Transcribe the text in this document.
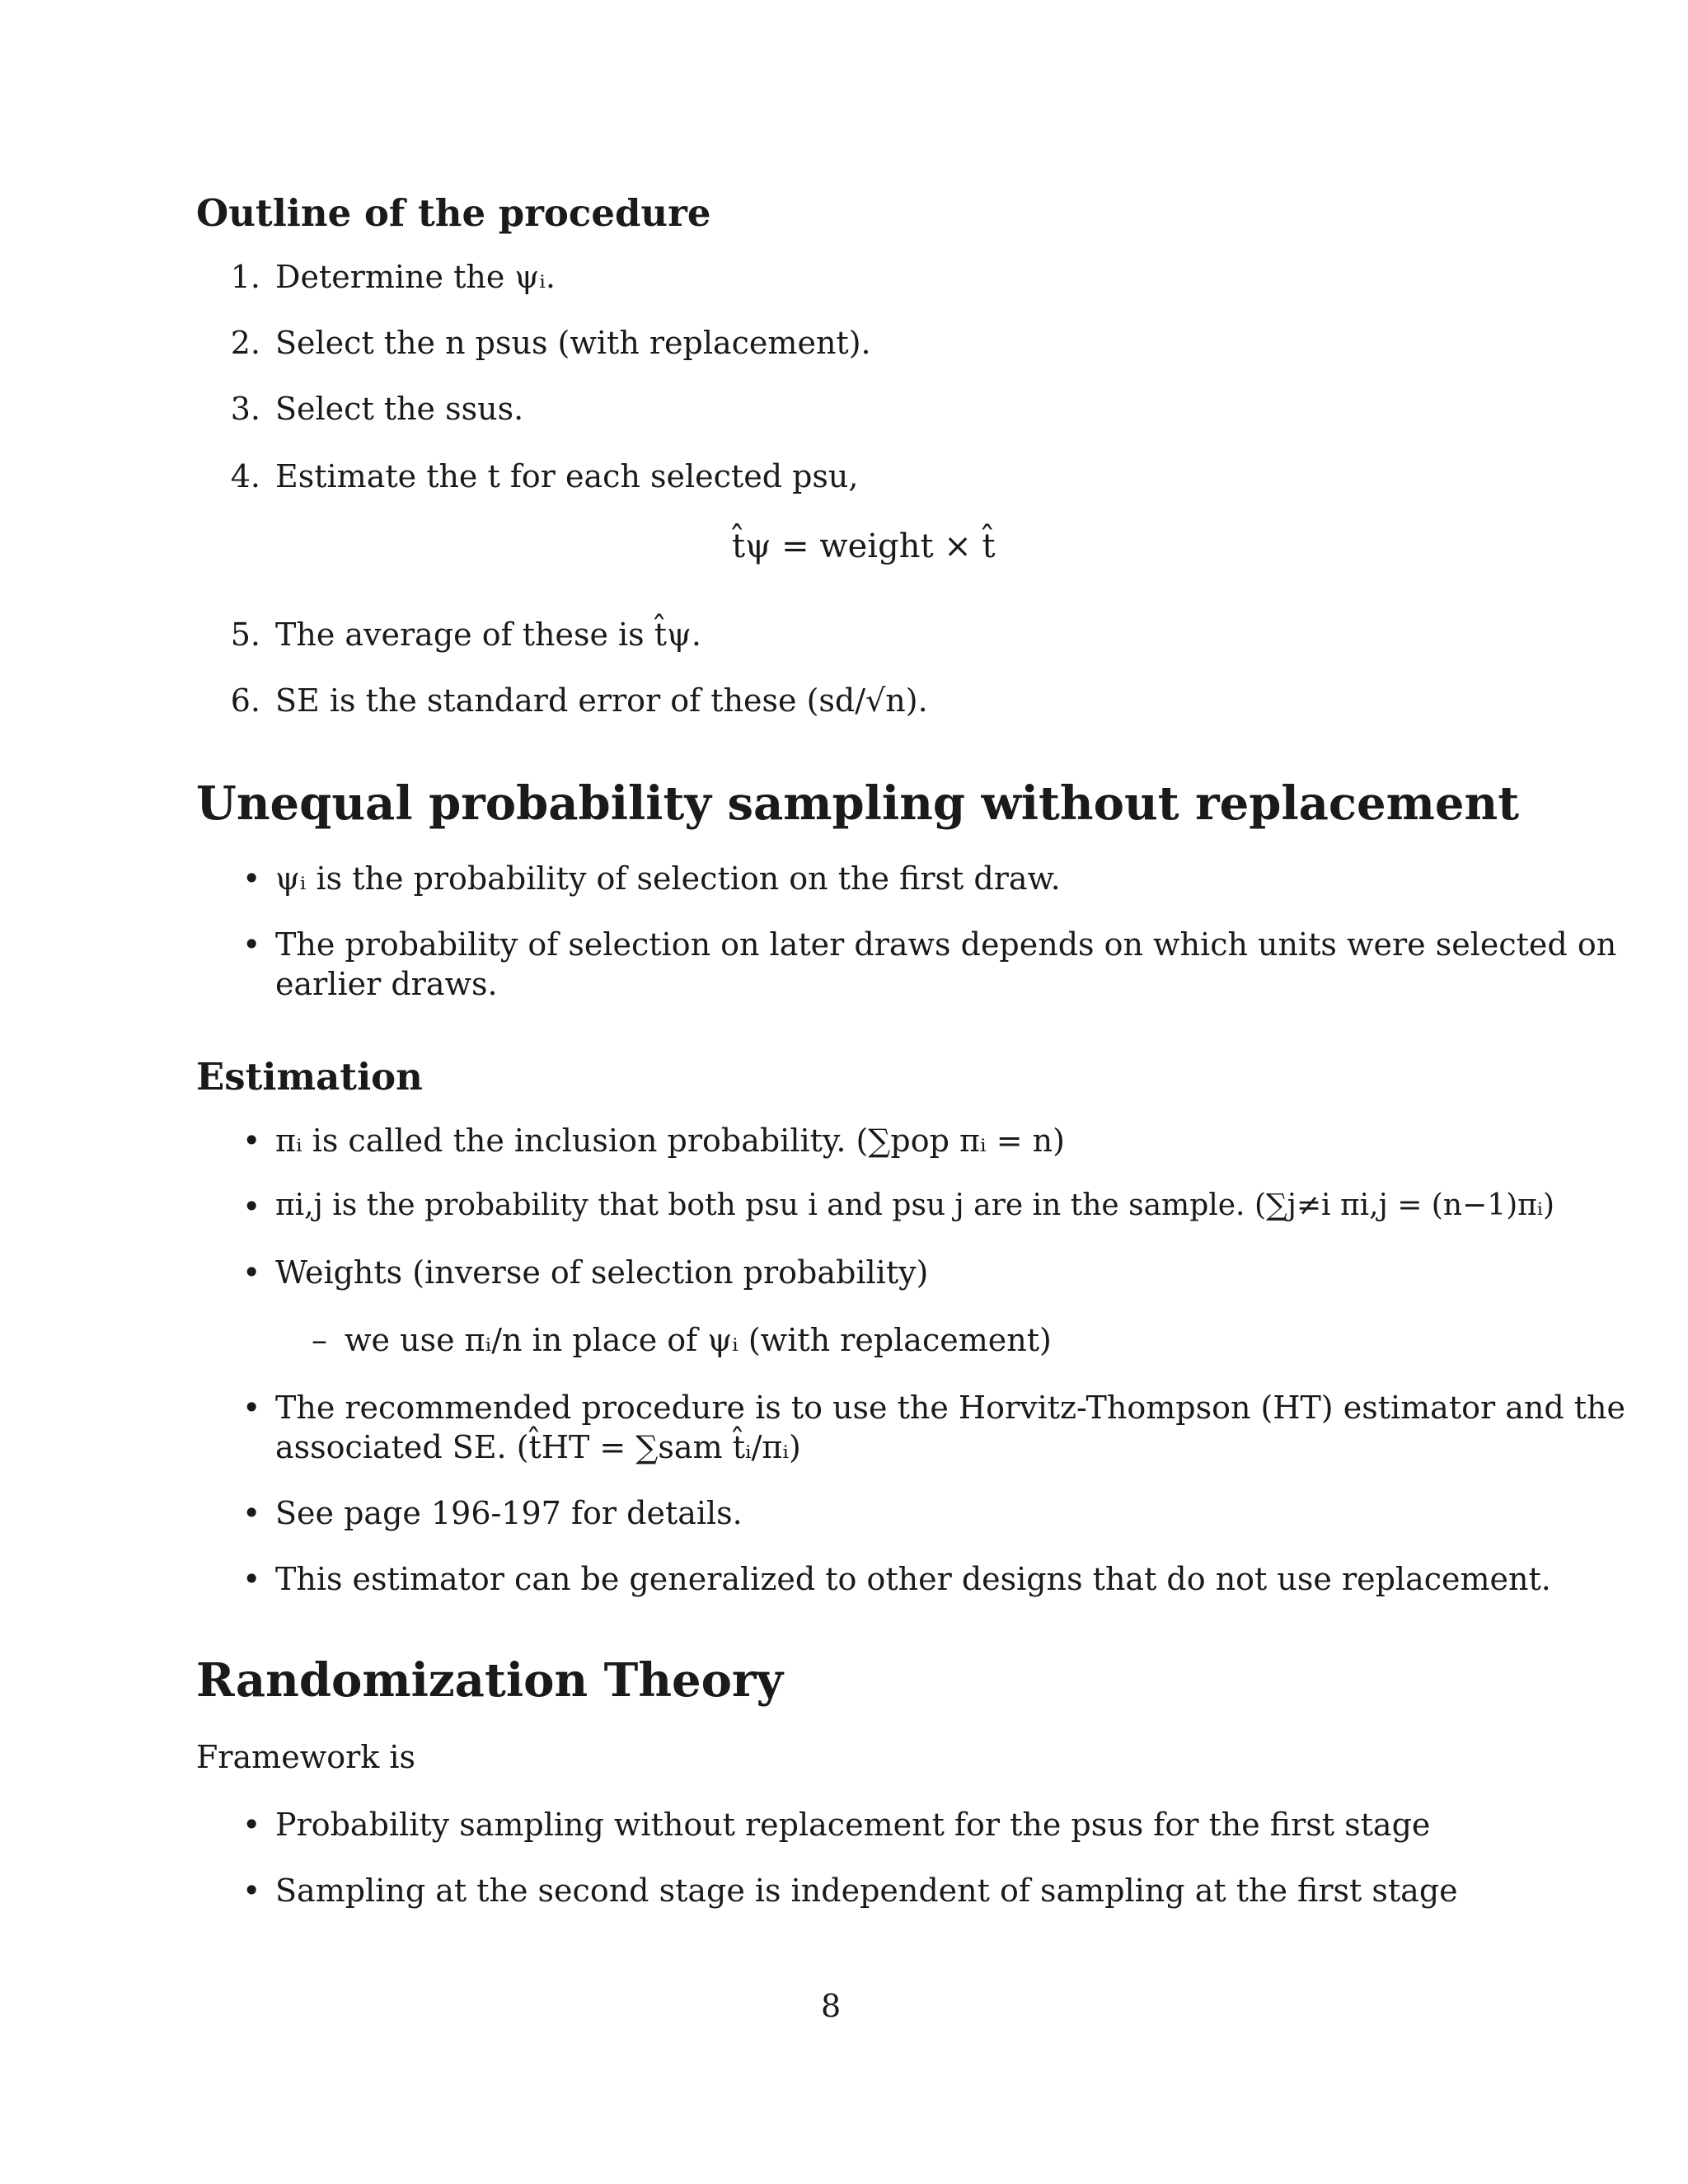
Outline of the procedure
1. Determine the ψᵢ.
2. Select the n psus (with replacement).
3. Select the ssus.
4. Estimate the t for each selected psu,
t̂ψ = weight × t̂
5. The average of these is t̂ψ.
6. SE is the standard error of these (sd/√n).
Unequal probability sampling without replacement
• ψᵢ is the probability of selection on the first draw.
• The probability of selection on later draws depends on which units were selected on
earlier draws.
Estimation
• πᵢ is called the inclusion probability. (∑pop πᵢ = n)
• πi,j is the probability that both psu i and psu j are in the sample. (∑j≠i πi,j = (n−1)πᵢ)
• Weights (inverse of selection probability)
– we use πᵢ/n in place of ψᵢ (with replacement)
• The recommended procedure is to use the Horvitz-Thompson (HT) estimator and the
associated SE. (t̂HT = ∑sam t̂ᵢ/πᵢ)
• See page 196-197 for details.
• This estimator can be generalized to other designs that do not use replacement.
Randomization Theory
Framework is
• Probability sampling without replacement for the psus for the first stage
• Sampling at the second stage is independent of sampling at the first stage
8
